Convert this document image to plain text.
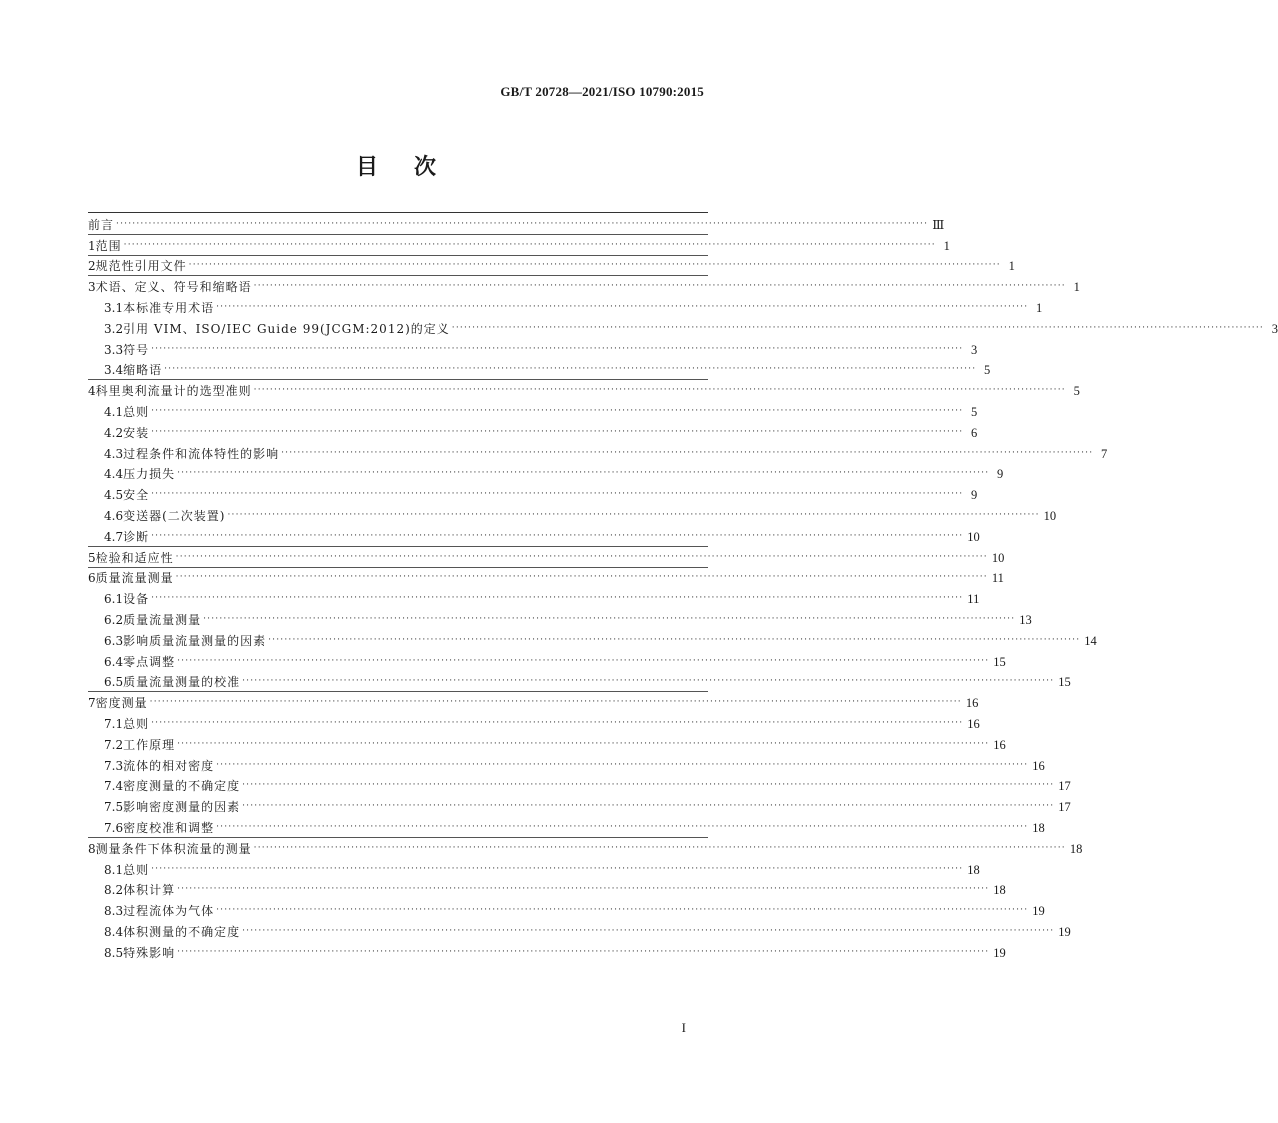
GB/T 20728—2021/ISO 10790:2015
目 次
前言 ········································································································································································································ Ⅲ
1 范围 ········································································································································································································ 1
2 规范性引用文件 ········································································································································································································ 1
3 术语、定义、符号和缩略语 ········································································································································································································ 1
3.1 本标准专用术语 ········································································································································································································ 1
3.2 引用 VIM、ISO/IEC Guide 99(JCGM:2012)的定义 ········································································································································································································ 3
3.3 符号 ········································································································································································································ 3
3.4 缩略语 ········································································································································································································ 5
4 科里奥利流量计的选型准则 ········································································································································································································ 5
4.1 总则 ········································································································································································································ 5
4.2 安装 ········································································································································································································ 6
4.3 过程条件和流体特性的影响 ········································································································································································································ 7
4.4 压力损失 ········································································································································································································ 9
4.5 安全 ········································································································································································································ 9
4.6 变送器(二次装置) ········································································································································································································ 10
4.7 诊断 ········································································································································································································ 10
5 检验和适应性 ········································································································································································································ 10
6 质量流量测量 ········································································································································································································ 11
6.1 设备 ········································································································································································································ 11
6.2 质量流量测量 ········································································································································································································ 13
6.3 影响质量流量测量的因素 ········································································································································································································ 14
6.4 零点调整 ········································································································································································································ 15
6.5 质量流量测量的校准 ········································································································································································································ 15
7 密度测量 ········································································································································································································ 16
7.1 总则 ········································································································································································································ 16
7.2 工作原理 ········································································································································································································ 16
7.3 流体的相对密度 ········································································································································································································ 16
7.4 密度测量的不确定度 ········································································································································································································ 17
7.5 影响密度测量的因素 ········································································································································································································ 17
7.6 密度校准和调整 ········································································································································································································ 18
8 测量条件下体积流量的测量 ········································································································································································································ 18
8.1 总则 ········································································································································································································ 18
8.2 体积计算 ········································································································································································································ 18
8.3 过程流体为气体 ········································································································································································································ 19
8.4 体积测量的不确定度 ········································································································································································································ 19
8.5 特殊影响 ········································································································································································································ 19
I
